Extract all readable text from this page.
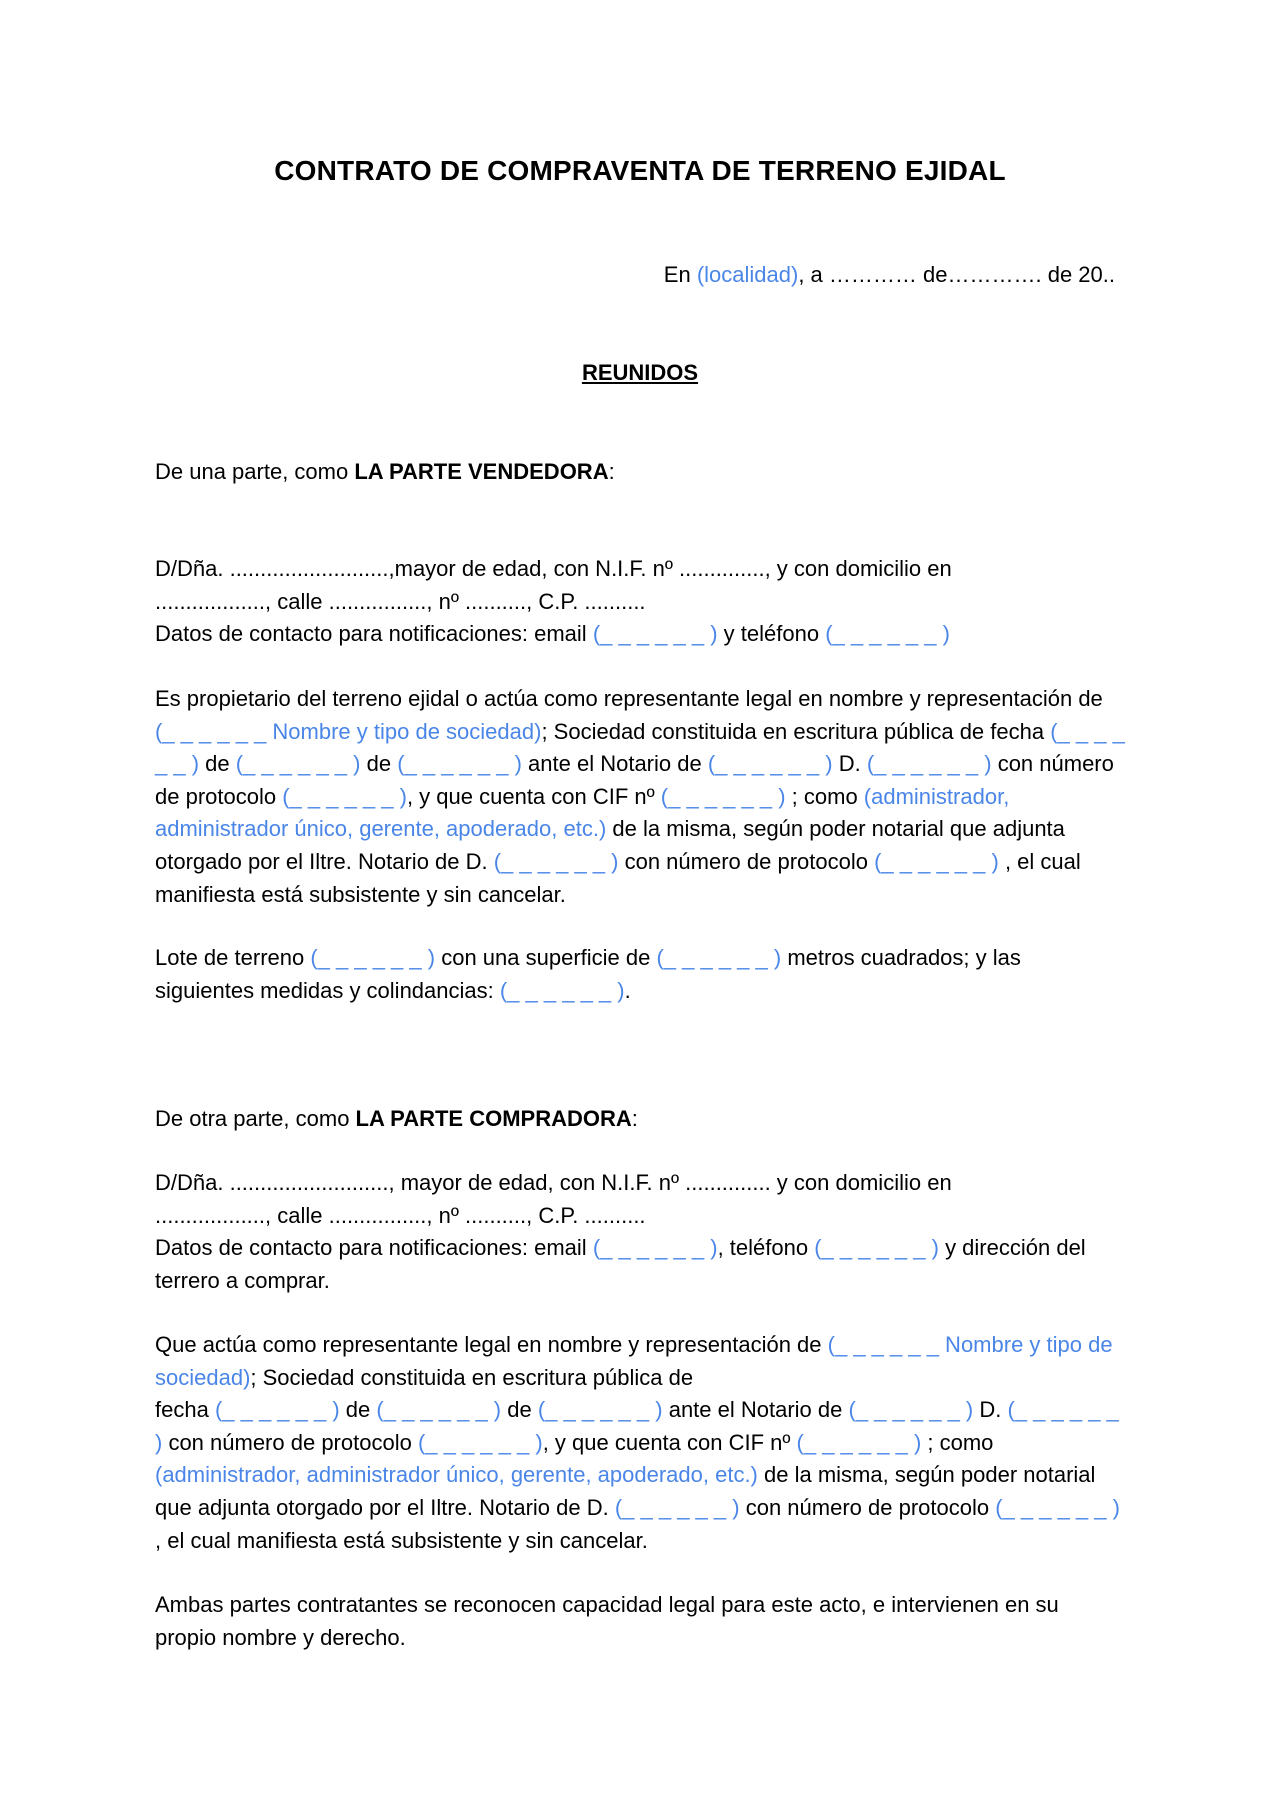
CONTRATO DE COMPRAVENTA DE TERRENO EJIDAL
En (localidad), a ………… de…………. de 20..
REUNIDOS
De una parte, como LA PARTE VENDEDORA:
D/Dña. ..........................,mayor de edad, con N.I.F. nº .............., y con domicilio en
.................., calle ................, nº .........., C.P. ..........
Datos de contacto para notificaciones: email (_ _ _ _ _ _ ) y teléfono (_ _ _ _ _ _ )
Es propietario del terreno ejidal o actúa como representante legal en nombre y representación de (_ _ _ _ _ _ Nombre y tipo de sociedad); Sociedad constituida en escritura pública de fecha (_ _ _ _ _ _ ) de (_ _ _ _ _ _ ) de (_ _ _ _ _ _ ) ante el Notario de (_ _ _ _ _ _ ) D. (_ _ _ _ _ _ ) con número de protocolo (_ _ _ _ _ _ ), y que cuenta con CIF nº (_ _ _ _ _ _ ) ; como (administrador, administrador único, gerente, apoderado, etc.) de la misma, según poder notarial que adjunta otorgado por el Iltre. Notario de D. (_ _ _ _ _ _ ) con número de protocolo (_ _ _ _ _ _ ) , el cual manifiesta está subsistente y sin cancelar.
Lote de terreno (_ _ _ _ _ _ ) con una superficie de (_ _ _ _ _ _ ) metros cuadrados; y las siguientes medidas y colindancias: (_ _ _ _ _ _ ).
De otra parte, como LA PARTE COMPRADORA:
D/Dña. .........................., mayor de edad, con N.I.F. nº .............. y con domicilio en
.................., calle ................, nº .........., C.P. ..........
Datos de contacto para notificaciones: email (_ _ _ _ _ _ ), teléfono (_ _ _ _ _ _ ) y dirección del terrero a comprar.
Que actúa como representante legal en nombre y representación de (_ _ _ _ _ _ Nombre y tipo de sociedad); Sociedad constituida en escritura pública de
fecha (_ _ _ _ _ _ ) de (_ _ _ _ _ _ ) de (_ _ _ _ _ _ ) ante el Notario de (_ _ _ _ _ _ ) D. (_ _ _ _ _ _ ) con número de protocolo (_ _ _ _ _ _ ), y que cuenta con CIF nº (_ _ _ _ _ _ ) ; como (administrador, administrador único, gerente, apoderado, etc.) de la misma, según poder notarial que adjunta otorgado por el Iltre. Notario de D. (_ _ _ _ _ _ ) con número de protocolo (_ _ _ _ _ _ ) , el cual manifiesta está subsistente y sin cancelar.
Ambas partes contratantes se reconocen capacidad legal para este acto, e intervienen en su propio nombre y derecho.
